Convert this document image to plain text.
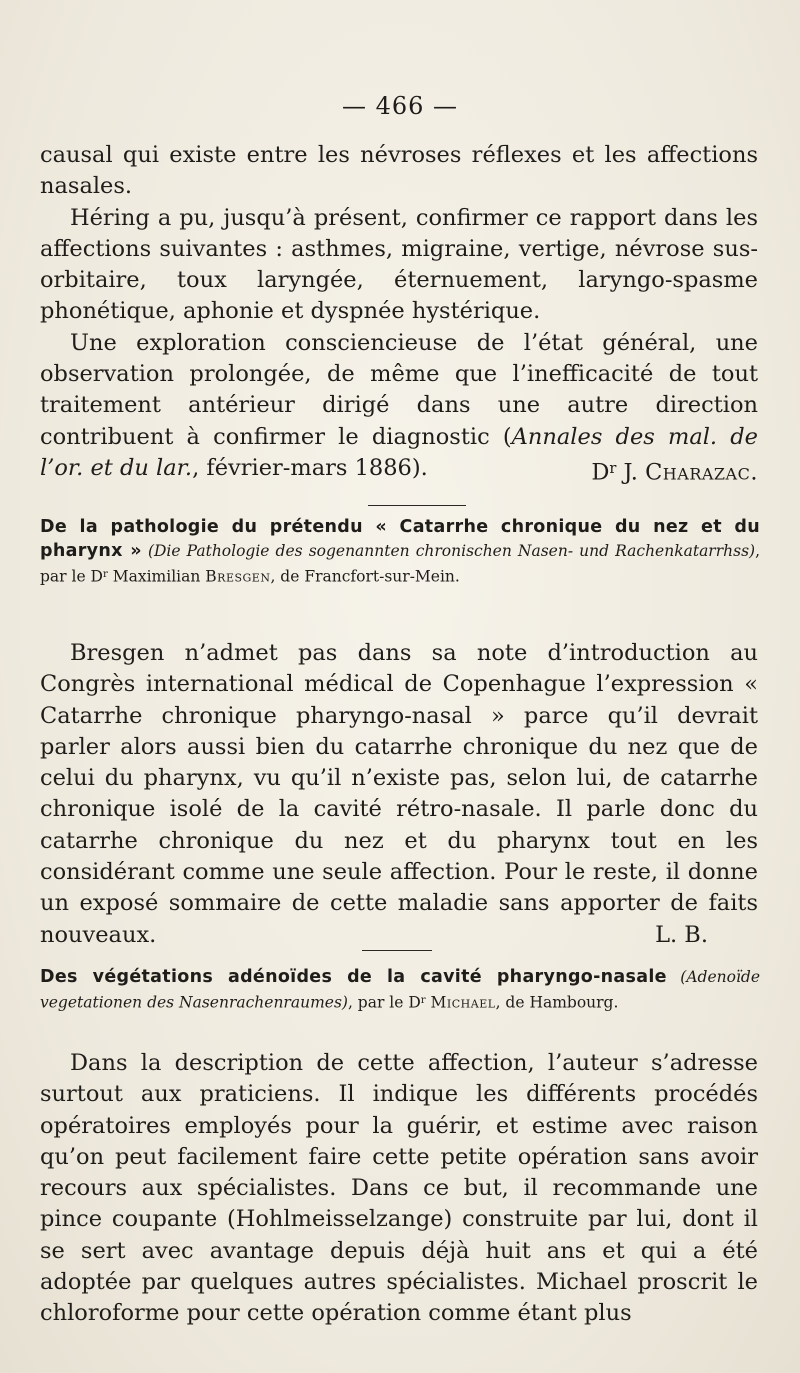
— 466 —

causal qui existe entre les névroses réflexes et les affections nasales.

Héring a pu, jusqu’à présent, confirmer ce rapport dans les affections suivantes : asthmes, migraine, vertige, névrose sus-orbitaire, toux laryngée, éternuement, laryngo-spasme phonétique, aphonie et dyspnée hystérique.

Une exploration consciencieuse de l’état général, une observation prolongée, de même que l’inefficacité de tout traitement antérieur dirigé dans une autre direction contribuent à confirmer le diagnostic (Annales des mal. de l’or. et du lar., février-mars 1886).	$D^r$ J. Charazac.

De la pathologie du prétendu « Catarrhe chronique du nez et du pharynx » (Die Pathologie des sogenannten chronischen Nasen- und Rachenkatarrhss), par le $D^r$ Maximilian Bresgen, de Francfort-sur-Mein.

Bresgen n’admet pas dans sa note d’introduction au Congrès international médical de Copenhague l’expression « Catarrhe chronique pharyngo-nasal » parce qu’il devrait parler alors aussi bien du catarrhe chronique du nez que de celui du pharynx, vu qu’il n’existe pas, selon lui, de catarrhe chronique isolé de la cavité rétro-nasale. Il parle donc du catarrhe chronique du nez et du pharynx tout en les considérant comme une seule affection. Pour le reste, il donne un exposé sommaire de cette maladie sans apporter de faits nouveaux.	L. B.

Des végétations adénoïdes de la cavité pharyngo-nasale (Adenoïde vegetationen des Nasenrachenraumes), par le $D^r$ Michael, de Hambourg.

Dans la description de cette affection, l’auteur s’adresse surtout aux praticiens. Il indique les différents procédés opératoires employés pour la guérir, et estime avec raison qu’on peut facilement faire cette petite opération sans avoir recours aux spécialistes. Dans ce but, il recommande une pince coupante (Hohlmeisselzange) construite par lui, dont il se sert avec avantage depuis déjà huit ans et qui a été adoptée par quelques autres spécialistes. Michael proscrit le chloroforme pour cette opération comme étant plus
